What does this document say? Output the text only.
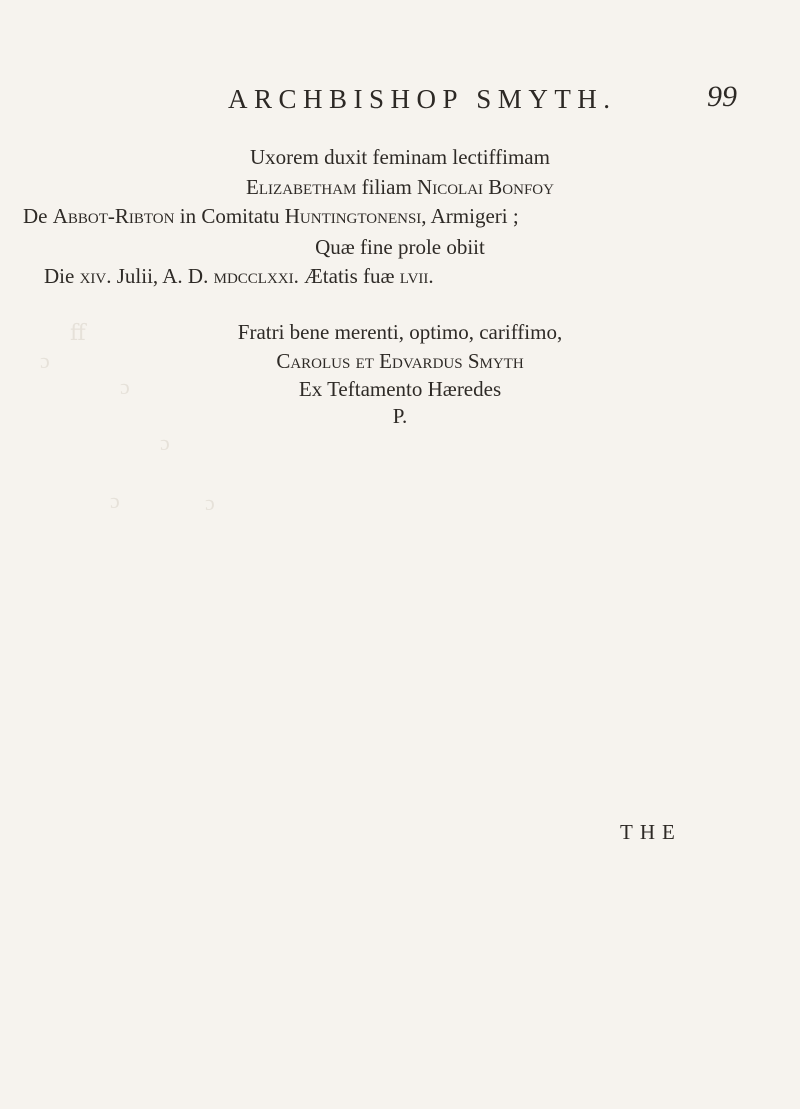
ﬀ
ɔ
ɔ
ɔ
ɔ	ɔ
ARCHBISHOP SMYTH.	99
Uxorem duxit feminam lectiffimam
Elizabetham filiam Nicolai Bonfoy
De Abbot-Ribton in Comitatu Huntingtonensi, Armigeri ;
Quæ fine prole obiit
Die xiv. Julii, A. D. mdcclxxi. Ætatis fuæ lvii.
Fratri bene merenti, optimo, cariffimo,
Carolus et Edvardus Smyth
Ex Teftamento Hæredes
P.
THE
